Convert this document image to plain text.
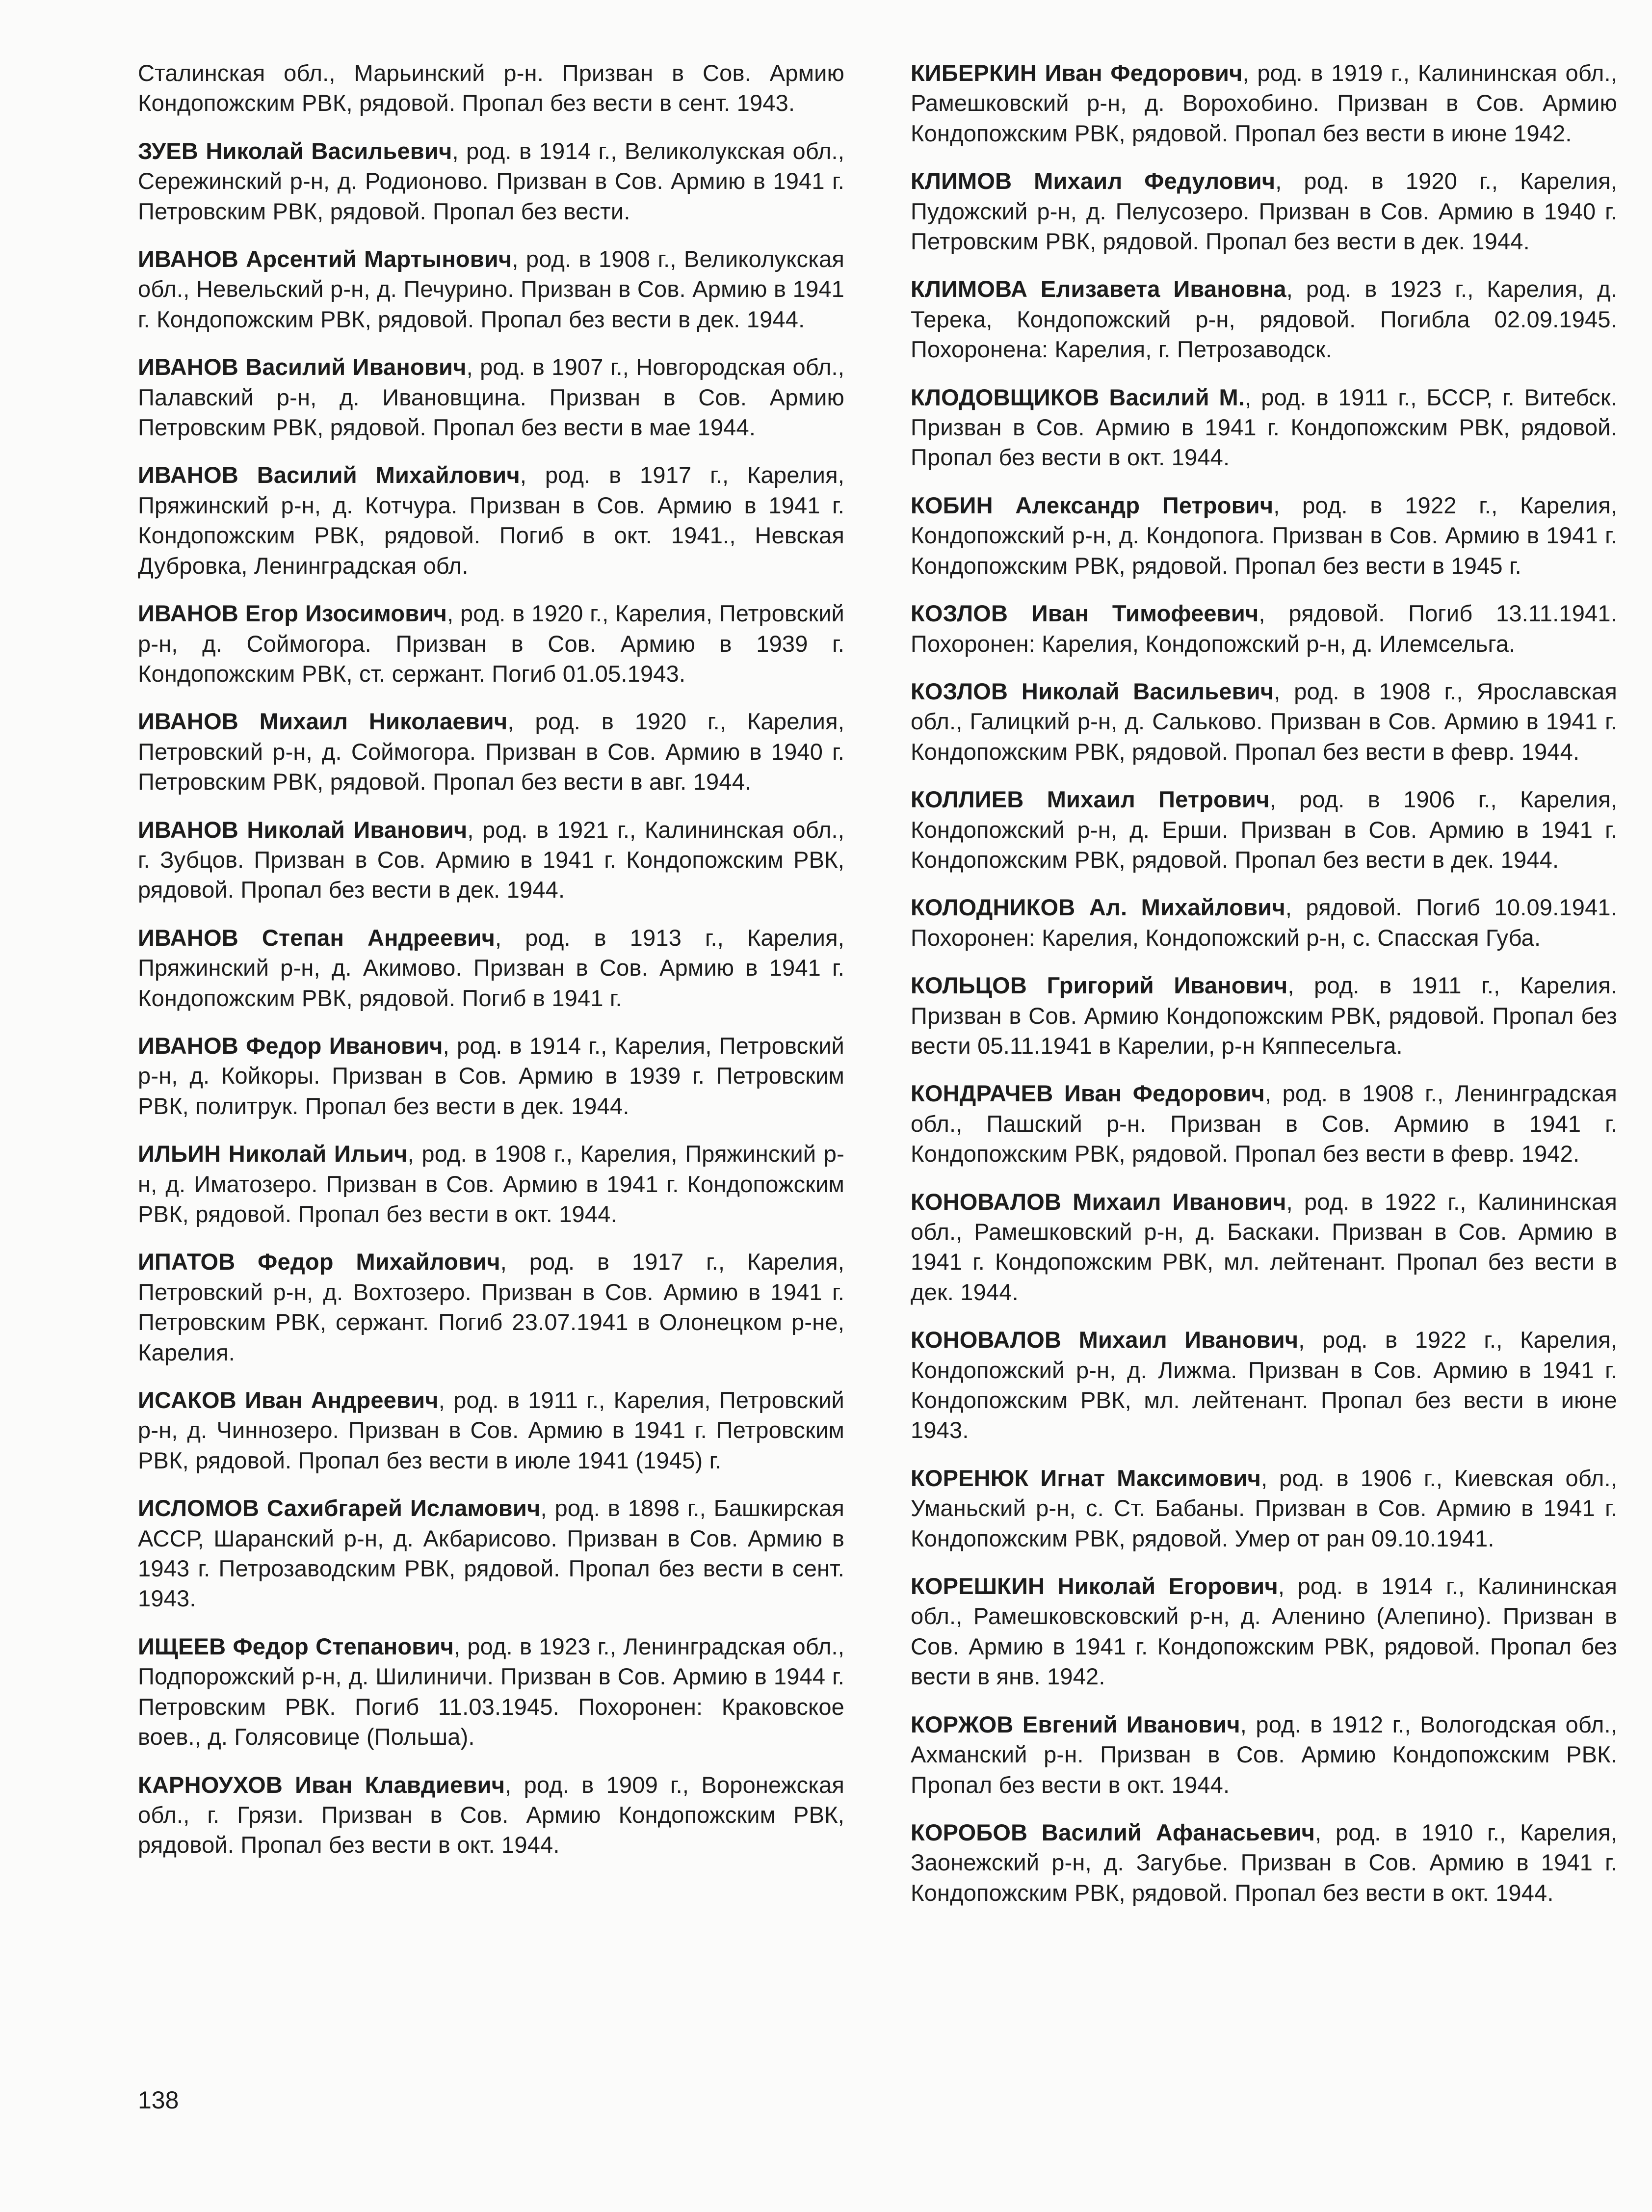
Сталинская обл., Марьинский р-н. Призван в Сов. Армию Кондопожским РВК, рядовой. Пропал без вести в сент. 1943.

ЗУЕВ Николай Васильевич, род. в 1914 г., Великолукская обл., Сережинский р-н, д. Родионово. Призван в Сов. Армию в 1941 г. Петровским РВК, рядовой. Пропал без вести.

ИВАНОВ Арсентий Мартынович, род. в 1908 г., Великолукская обл., Невельский р-н, д. Печурино. Призван в Сов. Армию в 1941 г. Кондопожским РВК, рядовой. Пропал без вести в дек. 1944.

ИВАНОВ Василий Иванович, род. в 1907 г., Новгородская обл., Палавский р-н, д. Ивановщина. Призван в Сов. Армию Петровским РВК, рядовой. Пропал без вести в мае 1944.

ИВАНОВ Василий Михайлович, род. в 1917 г., Карелия, Пряжинский р-н, д. Котчура. Призван в Сов. Армию в 1941 г. Кондопожским РВК, рядовой. Погиб в окт. 1941., Невская Дубровка, Ленинградская обл.

ИВАНОВ Егор Изосимович, род. в 1920 г., Карелия, Петровский р-н, д. Соймогора. Призван в Сов. Армию в 1939 г. Кондопожским РВК, ст. сержант. Погиб 01.05.1943.

ИВАНОВ Михаил Николаевич, род. в 1920 г., Карелия, Петровский р-н, д. Соймогора. Призван в Сов. Армию в 1940 г. Петровским РВК, рядовой. Пропал без вести в авг. 1944.

ИВАНОВ Николай Иванович, род. в 1921 г., Калининская обл., г. Зубцов. Призван в Сов. Армию в 1941 г. Кондопожским РВК, рядовой. Пропал без вести в дек. 1944.

ИВАНОВ Степан Андреевич, род. в 1913 г., Карелия, Пряжинский р-н, д. Акимово. Призван в Сов. Армию в 1941 г. Кондопожским РВК, рядовой. Погиб в 1941 г.

ИВАНОВ Федор Иванович, род. в 1914 г., Карелия, Петровский р-н, д. Койкоры. Призван в Сов. Армию в 1939 г. Петровским РВК, политрук. Пропал без вести в дек. 1944.

ИЛЬИН Николай Ильич, род. в 1908 г., Карелия, Пряжинский р-н, д. Иматозеро. Призван в Сов. Армию в 1941 г. Кондопожским РВК, рядовой. Пропал без вести в окт. 1944.

ИПАТОВ Федор Михайлович, род. в 1917 г., Карелия, Петровский р-н, д. Вохтозеро. Призван в Сов. Армию в 1941 г. Петровским РВК, сержант. Погиб 23.07.1941 в Олонецком р-не, Карелия.

ИСАКОВ Иван Андреевич, род. в 1911 г., Карелия, Петровский р-н, д. Чиннозеро. Призван в Сов. Армию в 1941 г. Петровским РВК, рядовой. Пропал без вести в июле 1941 (1945) г.

ИСЛОМОВ Сахибгарей Исламович, род. в 1898 г., Башкирская АССР, Шаранский р-н, д. Акбарисово. Призван в Сов. Армию в 1943 г. Петрозаводским РВК, рядовой. Пропал без вести в сент. 1943.

ИЩЕЕВ Федор Степанович, род. в 1923 г., Ленинградская обл., Подпорожский р-н, д. Шилиничи. Призван в Сов. Армию в 1944 г. Петровским РВК. Погиб 11.03.1945. Похоронен: Краковское воев., д. Голясовице (Польша).

КАРНОУХОВ Иван Клавдиевич, род. в 1909 г., Воронежская обл., г. Грязи. Призван в Сов. Армию Кондопожским РВК, рядовой. Пропал без вести в окт. 1944.

КИБЕРКИН Иван Федорович, род. в 1919 г., Калининская обл., Рамешковский р-н, д. Ворохобино. Призван в Сов. Армию Кондопожским РВК, рядовой. Пропал без вести в июне 1942.

КЛИМОВ Михаил Федулович, род. в 1920 г., Карелия, Пудожский р-н, д. Пелусозеро. Призван в Сов. Армию в 1940 г. Петровским РВК, рядовой. Пропал без вести в дек. 1944.

КЛИМОВА Елизавета Ивановна, род. в 1923 г., Карелия, д. Терека, Кондопожский р-н, рядовой. Погибла 02.09.1945. Похоронена: Карелия, г. Петрозаводск.

КЛОДОВЩИКОВ Василий М., род. в 1911 г., БССР, г. Витебск. Призван в Сов. Армию в 1941 г. Кондопожским РВК, рядовой. Пропал без вести в окт. 1944.

КОБИН Александр Петрович, род. в 1922 г., Карелия, Кондопожский р-н, д. Кондопога. Призван в Сов. Армию в 1941 г. Кондопожским РВК, рядовой. Пропал без вести в 1945 г.

КОЗЛОВ Иван Тимофеевич, рядовой. Погиб 13.11.1941. Похоронен: Карелия, Кондопожский р-н, д. Илемсельга.

КОЗЛОВ Николай Васильевич, род. в 1908 г., Ярославская обл., Галицкий р-н, д. Сальково. Призван в Сов. Армию в 1941 г. Кондопожским РВК, рядовой. Пропал без вести в февр. 1944.

КОЛЛИЕВ Михаил Петрович, род. в 1906 г., Карелия, Кондопожский р-н, д. Ерши. Призван в Сов. Армию в 1941 г. Кондопожским РВК, рядовой. Пропал без вести в дек. 1944.

КОЛОДНИКОВ Ал. Михайлович, рядовой. Погиб 10.09.1941. Похоронен: Карелия, Кондопожский р-н, с. Спасская Губа.

КОЛЬЦОВ Григорий Иванович, род. в 1911 г., Карелия. Призван в Сов. Армию Кондопожским РВК, рядовой. Пропал без вести 05.11.1941 в Карелии, р-н Кяппесельга.

КОНДРАЧЕВ Иван Федорович, род. в 1908 г., Ленинградская обл., Пашский р-н. Призван в Сов. Армию в 1941 г. Кондопожским РВК, рядовой. Пропал без вести в февр. 1942.

КОНОВАЛОВ Михаил Иванович, род. в 1922 г., Калининская обл., Рамешковский р-н, д. Баскаки. Призван в Сов. Армию в 1941 г. Кондопожским РВК, мл. лейтенант. Пропал без вести в дек. 1944.

КОНОВАЛОВ Михаил Иванович, род. в 1922 г., Карелия, Кондопожский р-н, д. Лижма. Призван в Сов. Армию в 1941 г. Кондопожским РВК, мл. лейтенант. Пропал без вести в июне 1943.

КОРЕНЮК Игнат Максимович, род. в 1906 г., Киевская обл., Уманьский р-н, с. Ст. Бабаны. Призван в Сов. Армию в 1941 г. Кондопожским РВК, рядовой. Умер от ран 09.10.1941.

КОРЕШКИН Николай Егорович, род. в 1914 г., Калининская обл., Рамешковсковский р-н, д. Аленино (Алепино). Призван в Сов. Армию в 1941 г. Кондопожским РВК, рядовой. Пропал без вести в янв. 1942.

КОРЖОВ Евгений Иванович, род. в 1912 г., Вологодская обл., Ахманский р-н. Призван в Сов. Армию Кондопожским РВК. Пропал без вести в окт. 1944.

КОРОБОВ Василий Афанасьевич, род. в 1910 г., Карелия, Заонежский р-н, д. Загубье. Призван в Сов. Армию в 1941 г. Кондопожским РВК, рядовой. Пропал без вести в окт. 1944.

138
